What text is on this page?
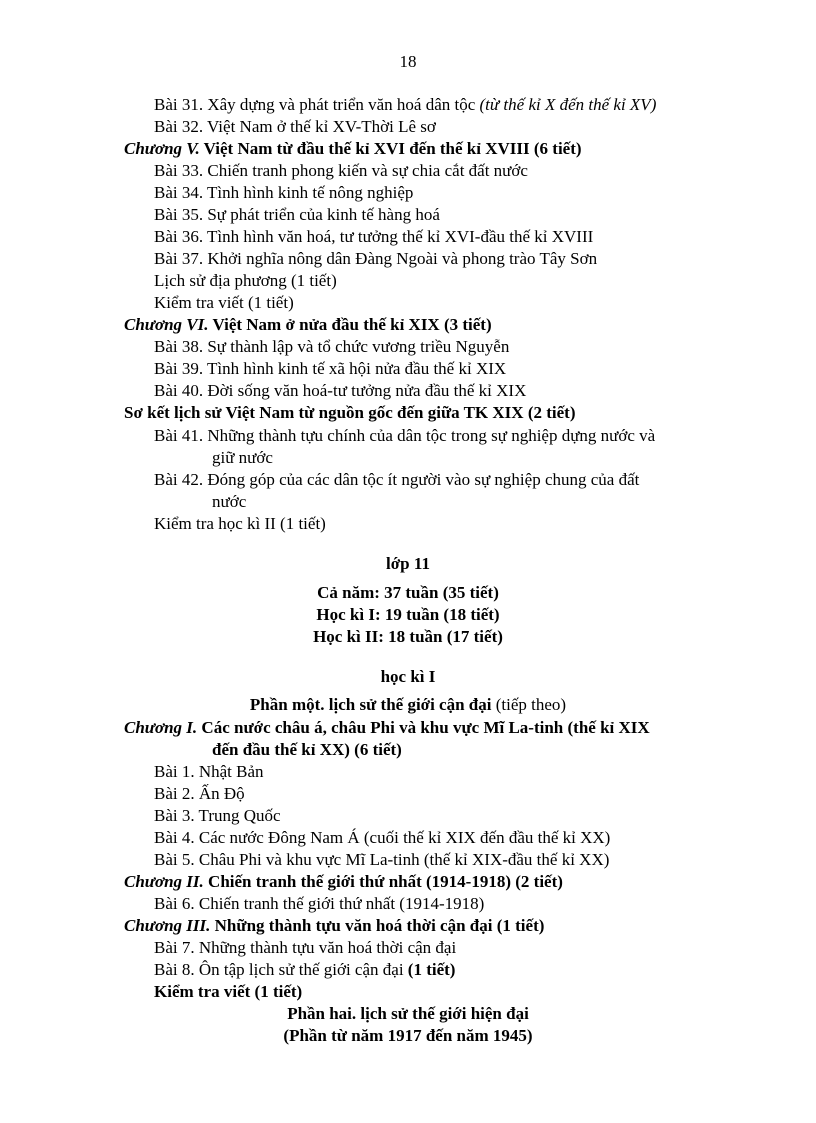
18
Bài 31. Xây dựng và phát triển văn hoá dân tộc (từ thế kỉ X đến thế kỉ XV)
Bài 32. Việt Nam ở thế kỉ XV-Thời Lê sơ
Chương V. Việt Nam từ đầu thế kỉ XVI đến thế kỉ XVIII (6 tiết)
Bài 33. Chiến tranh phong kiến và sự chia cắt đất nước
Bài 34. Tình hình kinh tế nông nghiệp
Bài 35. Sự phát triển của kinh tế hàng hoá
Bài 36. Tình hình văn hoá, tư tưởng thế kỉ XVI-đầu thế kỉ XVIII
Bài 37. Khởi nghĩa nông dân Đàng Ngoài và phong trào Tây Sơn
Lịch sử địa phương (1 tiết)
Kiểm tra viết (1 tiết)
Chương VI. Việt Nam ở nửa đầu thế kỉ XIX (3 tiết)
Bài 38. Sự thành lập và tổ chức vương triều Nguyễn
Bài 39. Tình hình kinh tế xã hội nửa đầu thế kỉ XIX
Bài 40. Đời sống văn hoá-tư tưởng nửa đầu thế kỉ XIX
Sơ kết lịch sử Việt Nam từ nguồn gốc đến giữa TK XIX (2 tiết)
Bài 41. Những thành tựu chính của dân tộc trong sự nghiệp dựng nước và
giữ nước
Bài 42. Đóng góp của các dân tộc ít người vào sự nghiệp chung của đất
nước
Kiểm tra học kì II (1 tiết)
lớp 11
Cả năm: 37 tuần (35 tiết)
Học kì I: 19 tuần (18 tiết)
Học kì II: 18 tuần (17 tiết)
học kì I
Phần một. lịch sử thế giới cận đại (tiếp theo)
Chương I. Các nước châu á, châu Phi và khu vực Mĩ La-tinh (thế kỉ XIX
đến đầu thế kỉ XX) (6 tiết)
Bài 1. Nhật Bản
Bài 2. Ấn Độ
Bài 3. Trung Quốc
Bài 4. Các nước Đông Nam Á (cuối thế kỉ XIX đến đầu thế kỉ XX)
Bài 5. Châu Phi và khu vực Mĩ La-tinh (thế kỉ XIX-đầu thế kỉ XX)
Chương II. Chiến tranh thế giới thứ nhất (1914-1918) (2 tiết)
Bài 6. Chiến tranh thế giới thứ nhất (1914-1918)
Chương III. Những thành tựu văn hoá thời cận đại (1 tiết)
Bài 7. Những thành tựu văn hoá thời cận đại
Bài 8. Ôn tập lịch sử thế giới cận đại (1 tiết)
Kiểm tra viết (1 tiết)
Phần hai. lịch sử thế giới hiện đại
(Phần từ năm 1917 đến năm 1945)
